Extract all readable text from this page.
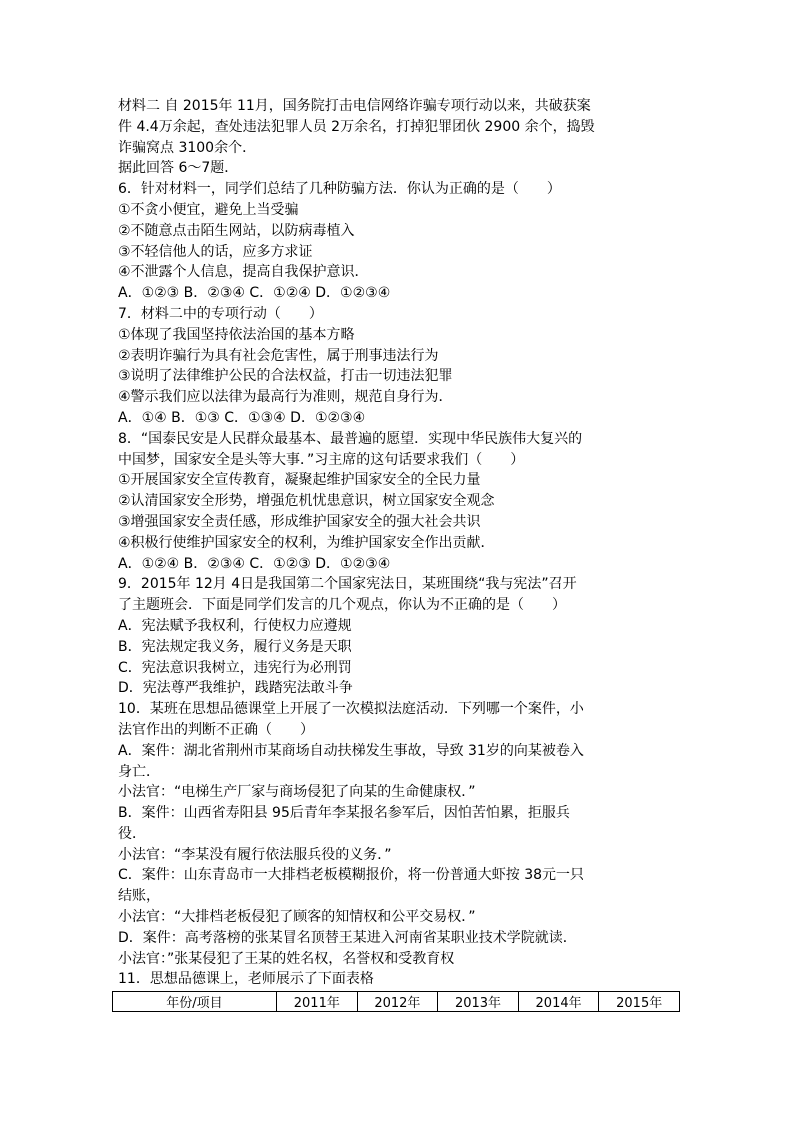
材料二 自 2015年 11月，国务院打击电信网络诈骗专项行动以来，共破获案
件 4.4万余起，查处违法犯罪人员 2万余名，打掉犯罪团伙 2900 余个，捣毁
诈骗窝点 3100余个．
据此回答 6～7题．
6．针对材料一，同学们总结了几种防骗方法．你认为正确的是（　　）
①不贪小便宜，避免上当受骗
②不随意点击陌生网站，以防病毒植入
③不轻信他人的话，应多方求证
④不泄露个人信息，提高自我保护意识．
A．①②③ B．②③④ C．①②④ D．①②③④
7．材料二中的专项行动（　　）
①体现了我国坚持依法治国的基本方略
②表明诈骗行为具有社会危害性，属于刑事违法行为
③说明了法律维护公民的合法权益，打击一切违法犯罪
④警示我们应以法律为最高行为准则，规范自身行为．
A．①④ B．①③ C．①③④ D．①②③④
8．“国泰民安是人民群众最基本、最普遍的愿望．实现中华民族伟大复兴的
中国梦，国家安全是头等大事．”习主席的这句话要求我们（　　）
①开展国家安全宣传教育，凝聚起维护国家安全的全民力量
②认清国家安全形势，增强危机忧患意识，树立国家安全观念
③增强国家安全责任感，形成维护国家安全的强大社会共识
④积极行使维护国家安全的权利，为维护国家安全作出贡献．
A．①②④ B．②③④ C．①②③ D．①②③④
9．2015年 12月 4日是我国第二个国家宪法日，某班围绕“我与宪法”召开
了主题班会．下面是同学们发言的几个观点，你认为不正确的是（　　）
A．宪法赋予我权利，行使权力应遵规
B．宪法规定我义务，履行义务是天职
C．宪法意识我树立，违宪行为必刑罚
D．宪法尊严我维护，践踏宪法敢斗争
10．某班在思想品德课堂上开展了一次模拟法庭活动．下列哪一个案件，小
法官作出的判断不正确（　　）
A．案件：湖北省荆州市某商场自动扶梯发生事故，导致 31岁的向某被卷入
身亡．
小法官：“电梯生产厂家与商场侵犯了向某的生命健康权．”
B．案件：山西省寿阳县 95后青年李某报名参军后，因怕苦怕累，拒服兵
役．
小法官：“李某没有履行依法服兵役的义务．”
C．案件：山东青岛市一大排档老板模糊报价，将一份普通大虾按 38元一只
结账，
小法官：“大排档老板侵犯了顾客的知情权和公平交易权．”
D．案件：高考落榜的张某冒名顶替王某进入河南省某职业技术学院就读．
小法官：”张某侵犯了王某的姓名权，名誉权和受教育权
11．思想品德课上，老师展示了下面表格
年份/项目	2011年	2012年	2013年	2014年	2015年
